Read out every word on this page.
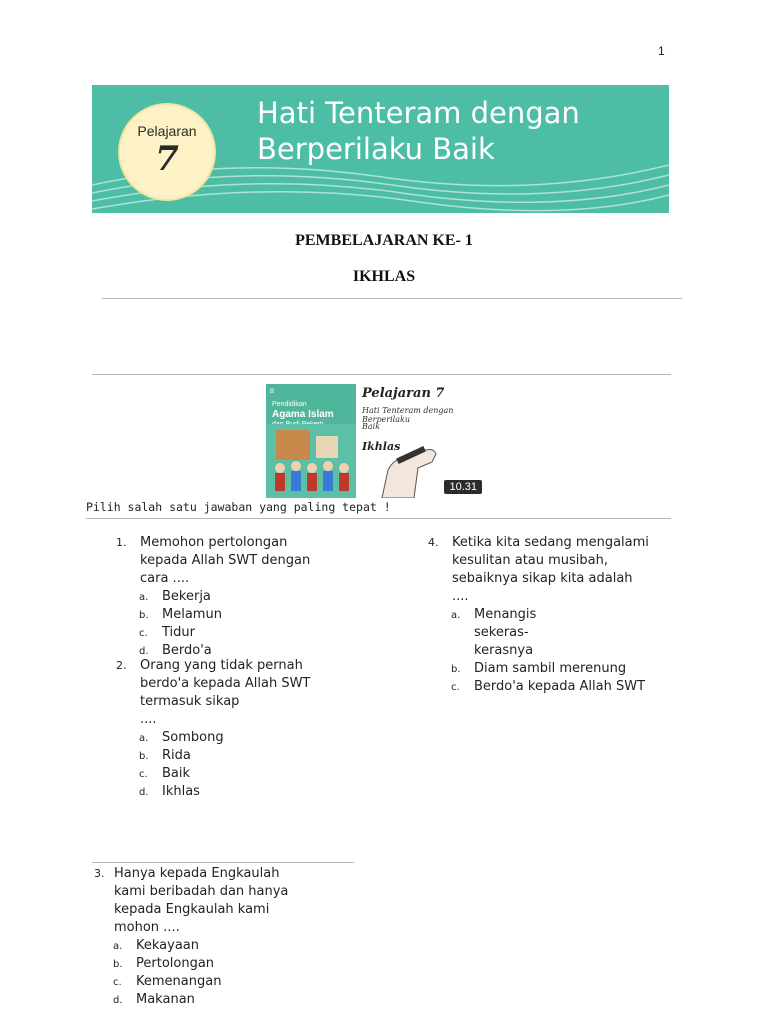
1
Pelajaran
7
Hati Tenteram dengan
Berperilaku Baik
PEMBELAJARAN KE- 1
IKHLAS
B
Pendidikan
Agama Islam
Pelajaran 7
Hati Tenteram dengan Berperilaku
Baik
Ikhlas
10.31
Pilih salah satu jawaban yang paling tepat !
1. Memohon pertolongan
kepada Allah SWT dengan
cara ....
a. Bekerja
b. Melamun
c. Tidur
d. Berdo'a
2. Orang yang tidak pernah
berdo'a kepada Allah SWT
termasuk sikap
....
a. Sombong
b. Rida
c. Baik
d. Ikhlas
3. Hanya kepada Engkaulah
kami beribadah dan hanya
kepada Engkaulah kami
mohon ....
a. Kekayaan
b. Pertolongan
c. Kemenangan
d. Makanan
4. Ketika kita sedang mengalami
kesulitan atau musibah,
sebaiknya sikap kita adalah
....
a. Menangis
sekeras-
kerasnya
b. Diam sambil merenung
c. Berdo'a kepada Allah SWT
